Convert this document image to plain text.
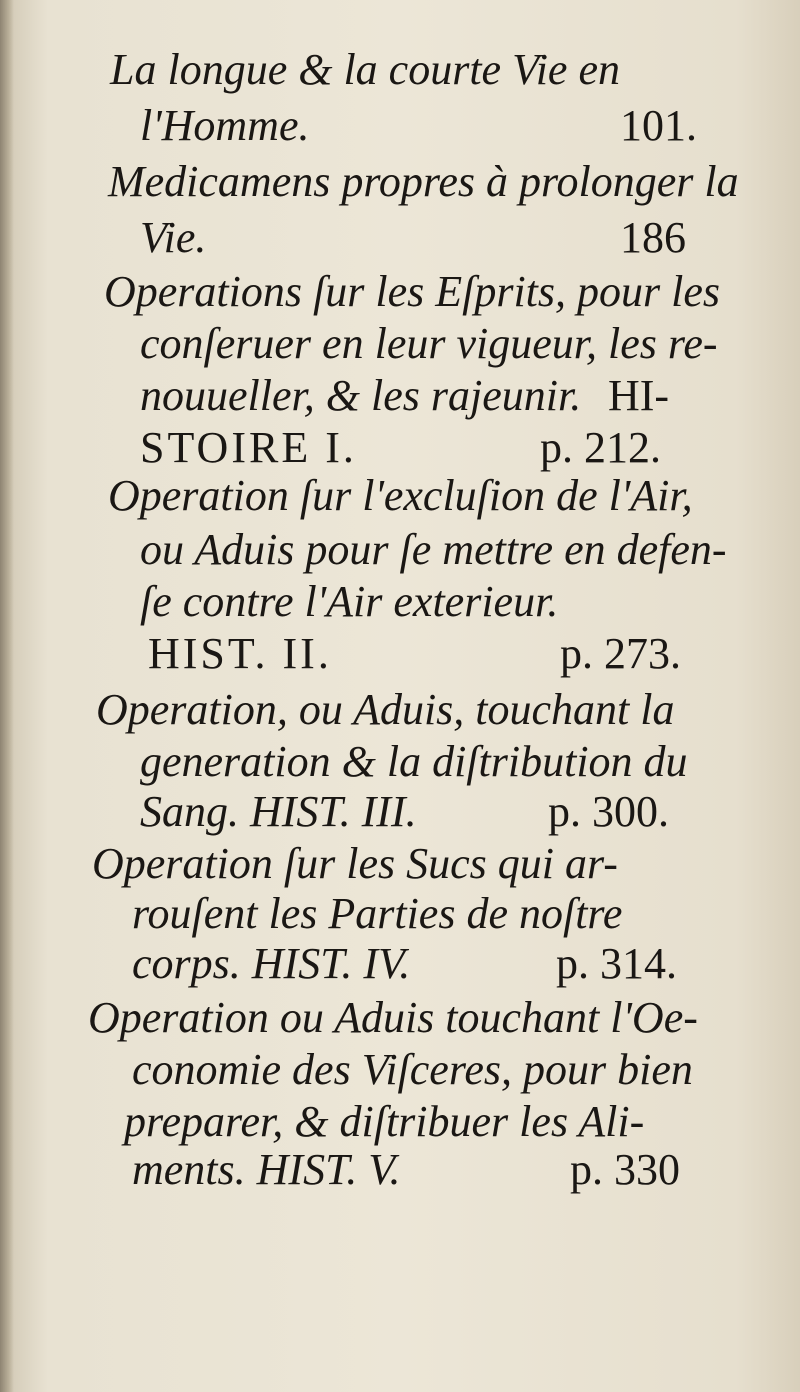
La longue & la courte Vie en
l'Homme.	101.
Medicamens propres à prolonger la
Vie.	186
Operations ſur les Eſprits, pour les
conſeruer en leur vigueur, les re-
nouueller, & les rajeunir. HI-
STOIRE I.	p. 212.
Operation ſur l'excluſion de l'Air,
ou Aduis pour ſe mettre en defen-
ſe contre l'Air exterieur.
HIST. II.	p. 273.
Operation, ou Aduis, touchant la
generation & la diſtribution du
Sang. HIST. III.	p. 300.
Operation ſur les Sucs qui ar-
rouſent les Parties de noſtre
corps. HIST. IV.	p. 314.
Operation ou Aduis touchant l'Oe-
conomie des Viſceres, pour bien
preparer, & diſtribuer les Ali-
ments. HIST. V.	p. 330
